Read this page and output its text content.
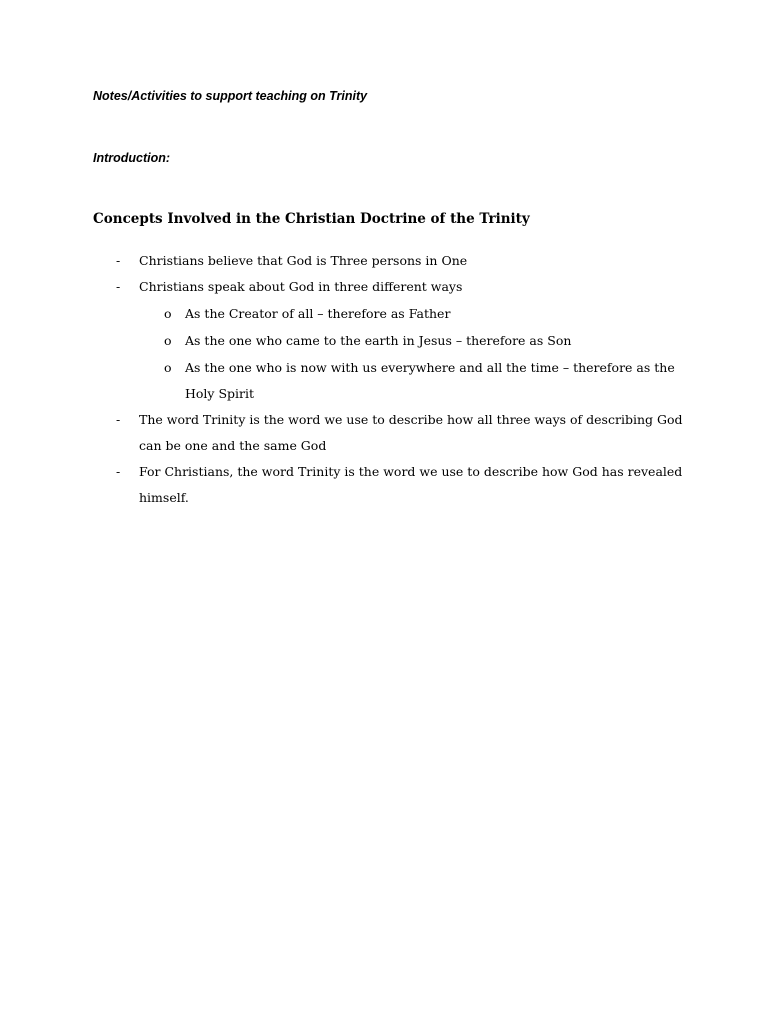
Notes/Activities to support teaching on Trinity

Introduction:

Concepts Involved in the Christian Doctrine of the Trinity
- Christians believe that God is Three persons in One
- Christians speak about God in three different ways
o As the Creator of all – therefore as Father
o As the one who came to the earth in Jesus – therefore as Son
o As the one who is now with us everywhere and all the time – therefore as the Holy Spirit
- The word Trinity is the word we use to describe how all three ways of describing God can be one and the same God
- For Christians, the word Trinity is the word we use to describe how God has revealed himself.
